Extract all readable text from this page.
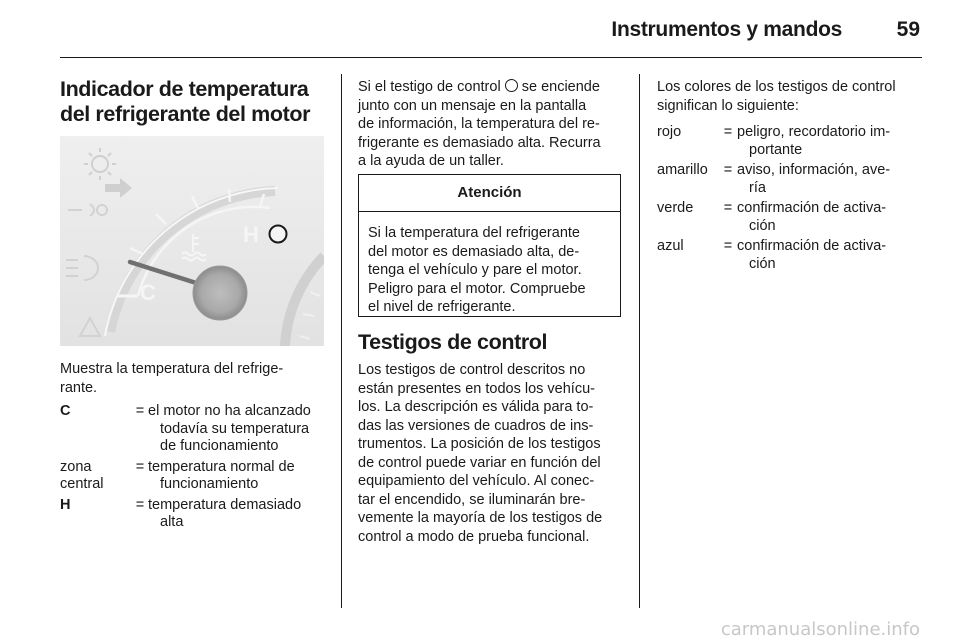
Instrumentos y mandos	59
Indicador de temperatura
del refrigerante del motor
H
C

Muestra la temperatura del refrige-
rante.

C	= el motor no ha alcanzado
todavía su temperatura
de funcionamiento
zona
central
= temperatura normal de
funcionamiento
H	= temperatura demasiado
alta

Si el testigo de control se enciende
junto con un mensaje en la pantalla
de información, la temperatura del re-
frigerante es demasiado alta. Recurra
a la ayuda de un taller.

Atención
Si la temperatura del refrigerante
del motor es demasiado alta, de-
tenga el vehículo y pare el motor.
Peligro para el motor. Compruebe
el nivel de refrigerante.
Testigos de control

Los testigos de control descritos no
están presentes en todos los vehícu-
los. La descripción es válida para to-
das las versiones de cuadros de ins-
trumentos. La posición de los testigos
de control puede variar en función del
equipamiento del vehículo. Al conec-
tar el encendido, se iluminarán bre-
vemente la mayoría de los testigos de
control a modo de prueba funcional.

Los colores de los testigos de control
significan lo siguiente:

rojo	= peligro, recordatorio im-
portante
amarillo	= aviso, información, ave-
ría
verde	= confirmación de activa-
ción
azul	= confirmación de activa-
ción
carmanualsonline.info
